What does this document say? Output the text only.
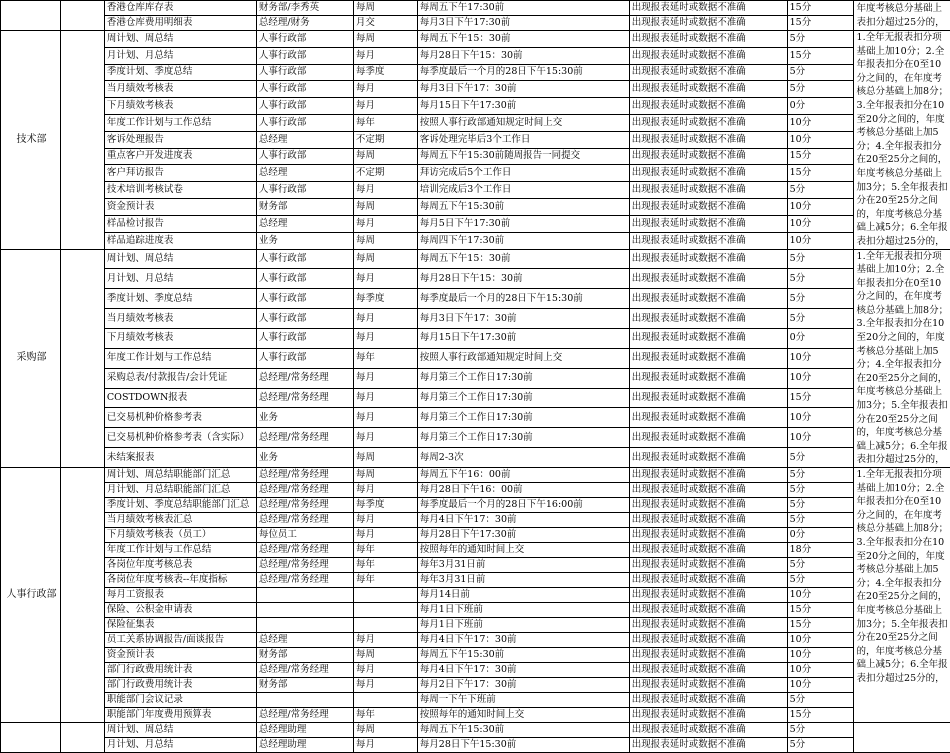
		香港仓库库存表	财务部/李秀英	每周	每周五下午17:30前	出现报表延时或数据不准确	15分	年度考核总分基础上表扣分超过25分的，
		香港仓库费用明细表	总经理/财务	月交	每月3日下午17:30前	出现报表延时或数据不准确	15分	
技术部		周计划、周总结	人事行政部	每周	每周五下午15：30前	出现报表延时或数据不准确	5分	1.全年无报表扣分项基础上加10分；2.全年报表扣分在0至10分之间的，在年度考核总分基础上加8分；3.全年报表扣分在10至20分之间的，年度考核总分基础上加5分；4.全年报表扣分在20至25分之间的，年度考核总分基础上加3分；5.全年报表扣分在20至25分之间的，年度考核总分基础上减5分；6.全年报表扣分超过25分的，
		月计划、月总结	人事行政部	每月	每月28日下午15：30前	出现报表延时或数据不准确	15分	
		季度计划、季度总结	人事行政部	每季度	每季度最后一个月的28日下午15:30前	出现报表延时或数据不准确	5分	
		当月绩效考核表	人事行政部	每月	每月3日下午17：30前	出现报表延时或数据不准确	5分	
		下月绩效考核表	人事行政部	每月	每月15日下午17:30前	出现报表延时或数据不准确	0分	
		年度工作计划与工作总结	人事行政部	每年	按照人事行政部通知规定时间上交	出现报表延时或数据不准确	10分	
		客诉处理报告	总经理	不定期	客诉处理完毕后3个工作日	出现报表延时或数据不准确	10分	
		重点客户开发进度表	人事行政部	每周	每周五下午15:30前随周报告一同提交	出现报表延时或数据不准确	15分	
		客户拜访报告	总经理	不定期	拜访完成后5个工作日	出现报表延时或数据不准确	15分	
		技术培训考核试卷	人事行政部	每月	培训完成后3个工作日	出现报表延时或数据不准确	5分	
		资金预计表	财务部	每周	每周五下午15:30前	出现报表延时或数据不准确	10分	
		样品检讨报告	总经理	每月	每月5日下午17:30前	出现报表延时或数据不准确	10分	
		样品追踪进度表	业务	每周	每周四下午17:30前	出现报表延时或数据不准确	10分	
采购部		周计划、周总结	人事行政部	每周	每周五下午15：30前	出现报表延时或数据不准确	5分	1.全年无报表扣分项基础上加10分；2.全年报表扣分在0至10分之间的，在年度考核总分基础上加8分；3.全年报表扣分在10至20分之间的，年度考核总分基础上加5分；4.全年报表扣分在20至25分之间的，年度考核总分基础上加3分；5.全年报表扣分在20至25分之间的，年度考核总分基础上减5分；6.全年报表扣分超过25分的，
		月计划、月总结	人事行政部	每月	每月28日下午15：30前	出现报表延时或数据不准确	5分	
		季度计划、季度总结	人事行政部	每季度	每季度最后一个月的28日下午15:30前	出现报表延时或数据不准确	5分	
		当月绩效考核表	人事行政部	每月	每月3日下午17：30前	出现报表延时或数据不准确	5分	
		下月绩效考核表	人事行政部	每月	每月15日下午17:30前	出现报表延时或数据不准确	0分	
		年度工作计划与工作总结	人事行政部	每年	按照人事行政部通知规定时间上交	出现报表延时或数据不准确	10分	
		采购总表/付款报告/会计凭证	总经理/常务经理	每月	每月第三个工作日17:30前	出现报表延时或数据不准确	10分	
		COSTDOWN报表	总经理/常务经理	每月	每月第三个工作日17:30前	出现报表延时或数据不准确	15分	
		已交易机种价格参考表	业务	每月	每月第三个工作日17:30前	出现报表延时或数据不准确	10分	
		已交易机种价格参考表（含实际）	总经理/常务经理	每月	每月第三个工作日17:30前	出现报表延时或数据不准确	10分	
		未结案报表	业务	每周	每周2-3次	出现报表延时或数据不准确	5分	
人事行政部		周计划、周总结职能部门汇总	总经理/常务经理	每周	每周五下午16：00前	出现报表延时或数据不准确	5分	1.全年无报表扣分项基础上加10分；2.全年报表扣分在0至10分之间的，在年度考核总分基础上加8分；3.全年报表扣分在10至20分之间的，年度考核总分基础上加5分；4.全年报表扣分在20至25分之间的，年度考核总分基础上加3分；5.全年报表扣分在20至25分之间的，年度考核总分基础上减5分；6.全年报表扣分超过25分的，
		月计划、月总结职能部门汇总	总经理/常务经理	每月	每月28日下午16：00前	出现报表延时或数据不准确	5分	
		季度计划、季度总结职能部门汇总	总经理/常务经理	每季度	每季度最后一个月的28日下午16:00前	出现报表延时或数据不准确	5分	
		当月绩效考核表汇总	总经理/常务经理	每月	每月4日下午17：30前	出现报表延时或数据不准确	5分	
		下月绩效考核表（员工）	每位员工	每月	每月28日下午17:30前	出现报表延时或数据不准确	0分	
		年度工作计划与工作总结	总经理/常务经理	每年	按照每年的通知时间上交	出现报表延时或数据不准确	18分	
		各岗位年度考核总表	总经理/常务经理	每年	每年3月31日前	出现报表延时或数据不准确	5分	
		各岗位年度考核表--年度指标	总经理/常务经理	每年	每年3月31日前	出现报表延时或数据不准确	5分	
		每月工资报表			每月14日前	出现报表延时或数据不准确	10分	
		保险、公积金申请表			每月1日下班前	出现报表延时或数据不准确	15分	
		保险征集表			每月1日下班前	出现报表延时或数据不准确	15分	
		员工关系协调报告/面谈报告	总经理	每月	每月4日下午17：30前	出现报表延时或数据不准确	10分	
		资金预计表	财务部	每周	每周五下午15:30前	出现报表延时或数据不准确	10分	
		部门行政费用统计表	总经理/常务经理	每月	每月4日下午17：30前	出现报表延时或数据不准确	10分	
		部门行政费用统计表	财务部	每月	每月2日下午17：30前	出现报表延时或数据不准确	10分	
		职能部门会议记录			每周一下午下班前	出现报表延时或数据不准确	5分	
		职能部门年度费用预算表	总经理/常务经理	每年	按照每年的通知时间上交	出现报表延时或数据不准确	15分	
		周计划、周总结	总经理助理	每周	每周五下午15:30前	出现报表延时或数据不准确	5分	
		月计划、月总结	总经理助理	每月	每月28日下午15:30前	出现报表延时或数据不准确	5分	
